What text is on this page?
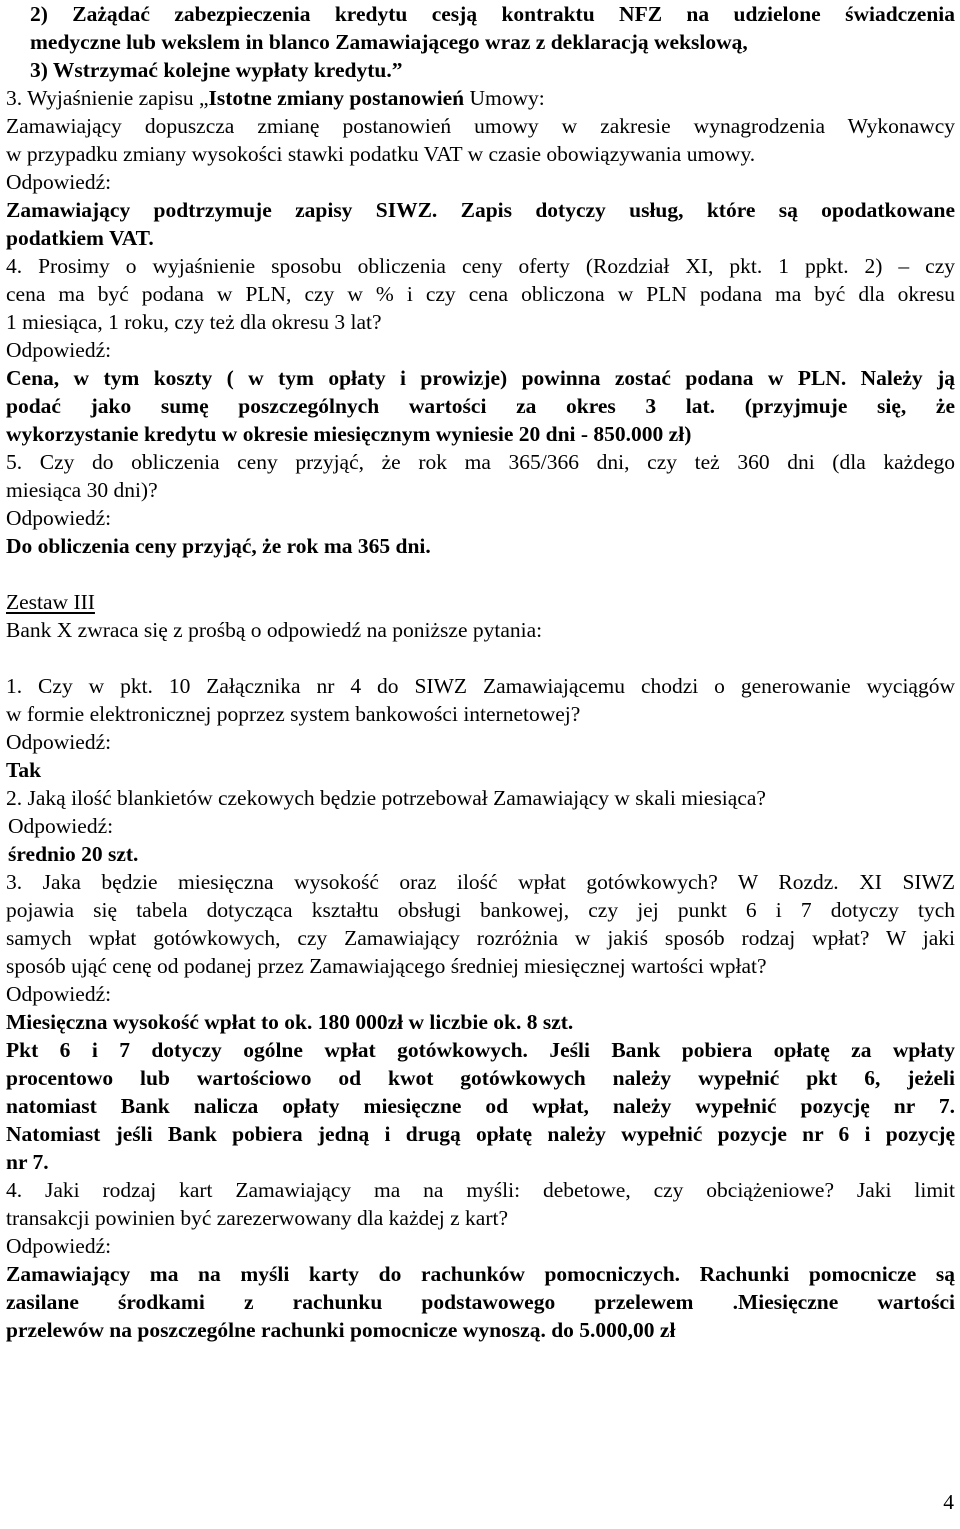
2) Zażądać zabezpieczenia kredytu cesją kontraktu NFZ na udzielone świadczenia
medyczne lub wekslem in blanco Zamawiającego wraz z deklaracją wekslową,
3) Wstrzymać kolejne wypłaty kredytu.”
3. Wyjaśnienie zapisu „Istotne zmiany postanowień Umowy:
Zamawiający dopuszcza zmianę postanowień umowy w zakresie wynagrodzenia Wykonawcy
w przypadku zmiany wysokości stawki podatku VAT w czasie obowiązywania umowy.
Odpowiedź:
Zamawiający podtrzymuje zapisy SIWZ. Zapis dotyczy usług, które są opodatkowane
podatkiem VAT.
4. Prosimy o wyjaśnienie sposobu obliczenia ceny oferty (Rozdział XI, pkt. 1 ppkt. 2) – czy
cena ma być podana w PLN, czy w % i czy cena obliczona w PLN podana ma być dla okresu
1 miesiąca, 1 roku, czy też dla okresu 3 lat?
Odpowiedź:
Cena, w tym koszty ( w tym opłaty i prowizje) powinna zostać podana w PLN. Należy ją
podać jako sumę poszczególnych wartości za okres 3 lat. (przyjmuje się, że
wykorzystanie kredytu w okresie miesięcznym wyniesie 20 dni - 850.000 zł)
5. Czy do obliczenia ceny przyjąć, że rok ma 365/366 dni, czy też 360 dni (dla każdego
miesiąca 30 dni)?
Odpowiedź:
Do obliczenia ceny przyjąć, że rok ma 365 dni.
Zestaw III
Bank X zwraca się z prośbą o odpowiedź na poniższe pytania:
1. Czy w pkt. 10 Załącznika nr 4 do SIWZ Zamawiającemu chodzi o generowanie wyciągów
w formie elektronicznej poprzez system bankowości internetowej?
Odpowiedź:
Tak
2. Jaką ilość blankietów czekowych będzie potrzebował Zamawiający w skali miesiąca?
Odpowiedź:
średnio 20 szt.
3. Jaka będzie miesięczna wysokość oraz ilość wpłat gotówkowych? W Rozdz. XI SIWZ
pojawia się tabela dotycząca kształtu obsługi bankowej, czy jej punkt 6 i 7 dotyczy tych
samych wpłat gotówkowych, czy Zamawiający rozróżnia w jakiś sposób rodzaj wpłat? W jaki
sposób ująć cenę od podanej przez Zamawiającego średniej miesięcznej wartości wpłat?
Odpowiedź:
Miesięczna wysokość wpłat to ok. 180 000zł w liczbie ok. 8 szt.
Pkt 6 i 7 dotyczy ogólne wpłat gotówkowych. Jeśli Bank pobiera opłatę za wpłaty
procentowo lub wartościowo od kwot gotówkowych należy wypełnić pkt 6, jeżeli
natomiast Bank nalicza opłaty miesięczne od wpłat, należy wypełnić pozycję nr 7.
Natomiast jeśli Bank pobiera jedną i drugą opłatę należy wypełnić pozycje nr 6 i pozycję
nr 7.
4. Jaki rodzaj kart Zamawiający ma na myśli: debetowe, czy obciążeniowe? Jaki limit
transakcji powinien być zarezerwowany dla każdej z kart?
Odpowiedź:
Zamawiający ma na myśli karty do rachunków pomocniczych. Rachunki pomocnicze są
zasilane środkami z rachunku podstawowego przelewem .Miesięczne wartości
przelewów na poszczególne rachunki pomocnicze wynoszą. do 5.000,00 zł
4
